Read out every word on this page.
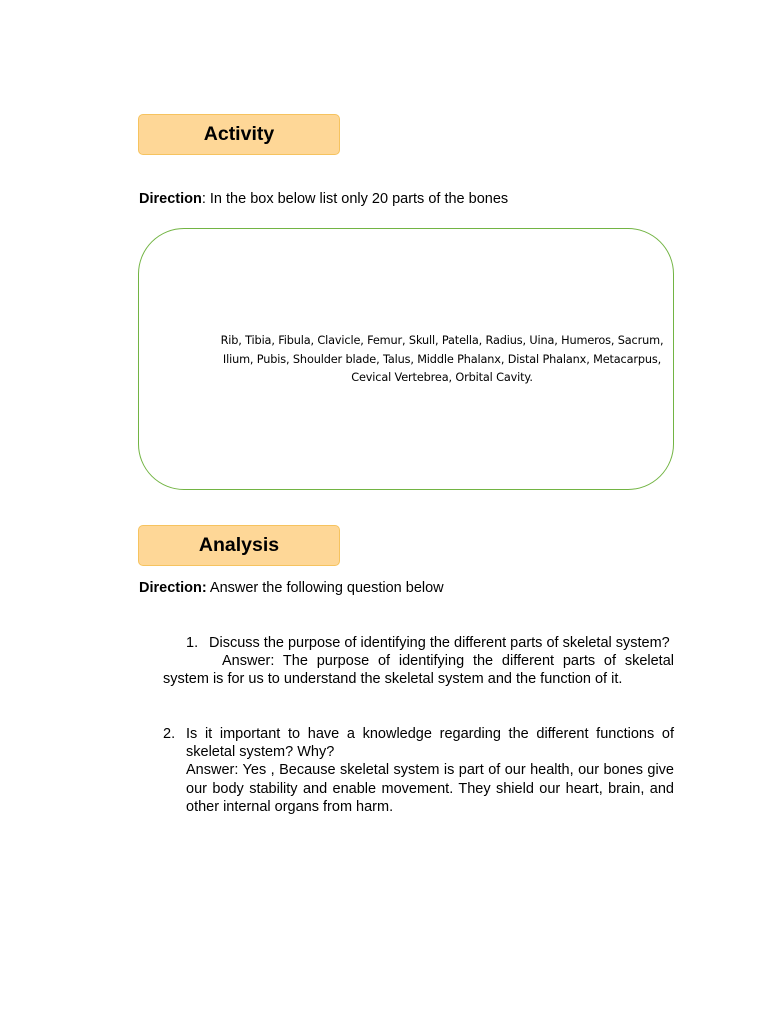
Activity
Direction: In the box below list only 20 parts of the bones
Rib, Tibia, Fibula, Clavicle, Femur, Skull, Patella, Radius, Uina, Humeros, Sacrum, Ilium, Pubis, Shoulder blade, Talus, Middle Phalanx, Distal Phalanx, Metacarpus, Cevical Vertebrea, Orbital Cavity.
Analysis
Direction: Answer the following question below
1. Discuss the purpose of identifying the different parts of skeletal system?
Answer: The purpose of identifying the different parts of skeletal system is for us to understand the skeletal system and the function of it.
2. Is it important to have a knowledge regarding the different functions of skeletal system? Why?
Answer: Yes , Because skeletal system is part of our health, our bones give our body stability and enable movement. They shield our heart, brain, and other internal organs from harm.
